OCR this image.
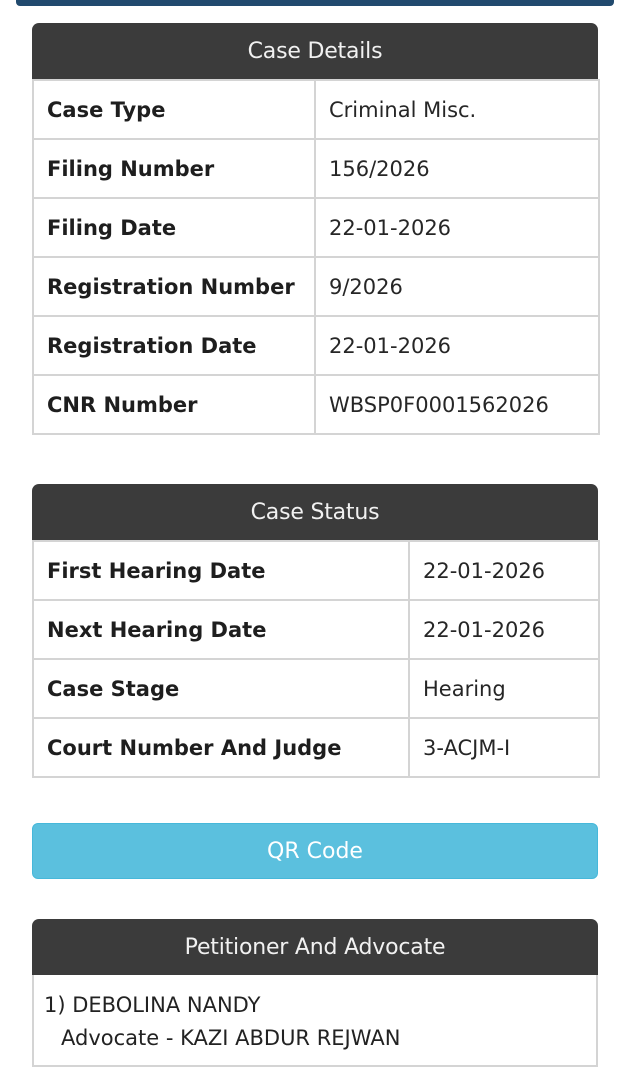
Case Details
Case Type	Criminal Misc.
Filing Number	156/2026
Filing Date	22-01-2026
Registration Number	9/2026
Registration Date	22-01-2026
CNR Number	WBSP0F0001562026
Case Status
First Hearing Date	22-01-2026
Next Hearing Date	22-01-2026
Case Stage	Hearing
Court Number And Judge	3-ACJM-I
QR Code
Petitioner And Advocate
1) DEBOLINA NANDY
Advocate - KAZI ABDUR REJWAN
